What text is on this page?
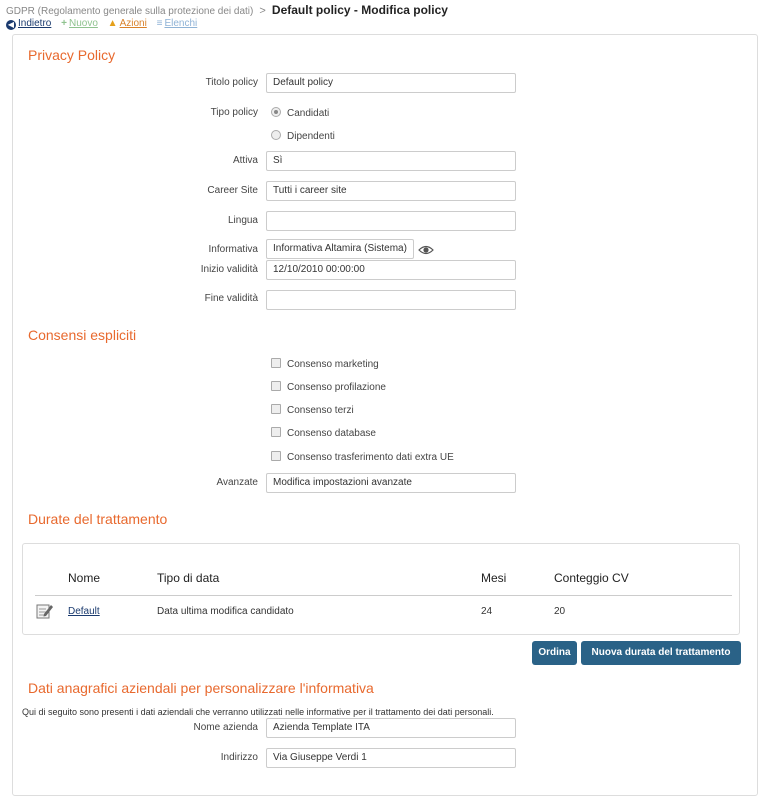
GDPR (Regolamento generale sulla protezione dei dati) > Default policy - Modifica policy
◀ Indietro + Nuovo ▲ Azioni ≡ Elenchi
Privacy Policy
Titolo policy	Default policy
Tipo policy	Candidati
Dipendenti
Attiva	Sì
Career Site	Tutti i career site
Lingua
Informativa	Informativa Altamira (Sistema)
Inizio validità	12/10/2010 00:00:00
Fine validità
Consensi espliciti
Consenso marketing
Consenso profilazione
Consenso terzi
Consenso database
Consenso trasferimento dati extra UE
Avanzate	Modifica impostazioni avanzate
Durate del trattamento
Nome	Tipo di data	Mesi	Conteggio CV
Default	Data ultima modifica candidato	24	20
Ordina	Nuova durata del trattamento
Dati anagrafici aziendali per personalizzare l'informativa
Qui di seguito sono presenti i dati aziendali che verranno utilizzati nelle informative per il trattamento dei dati personali.
Nome azienda	Azienda Template ITA
Indirizzo	Via Giuseppe Verdi 1
